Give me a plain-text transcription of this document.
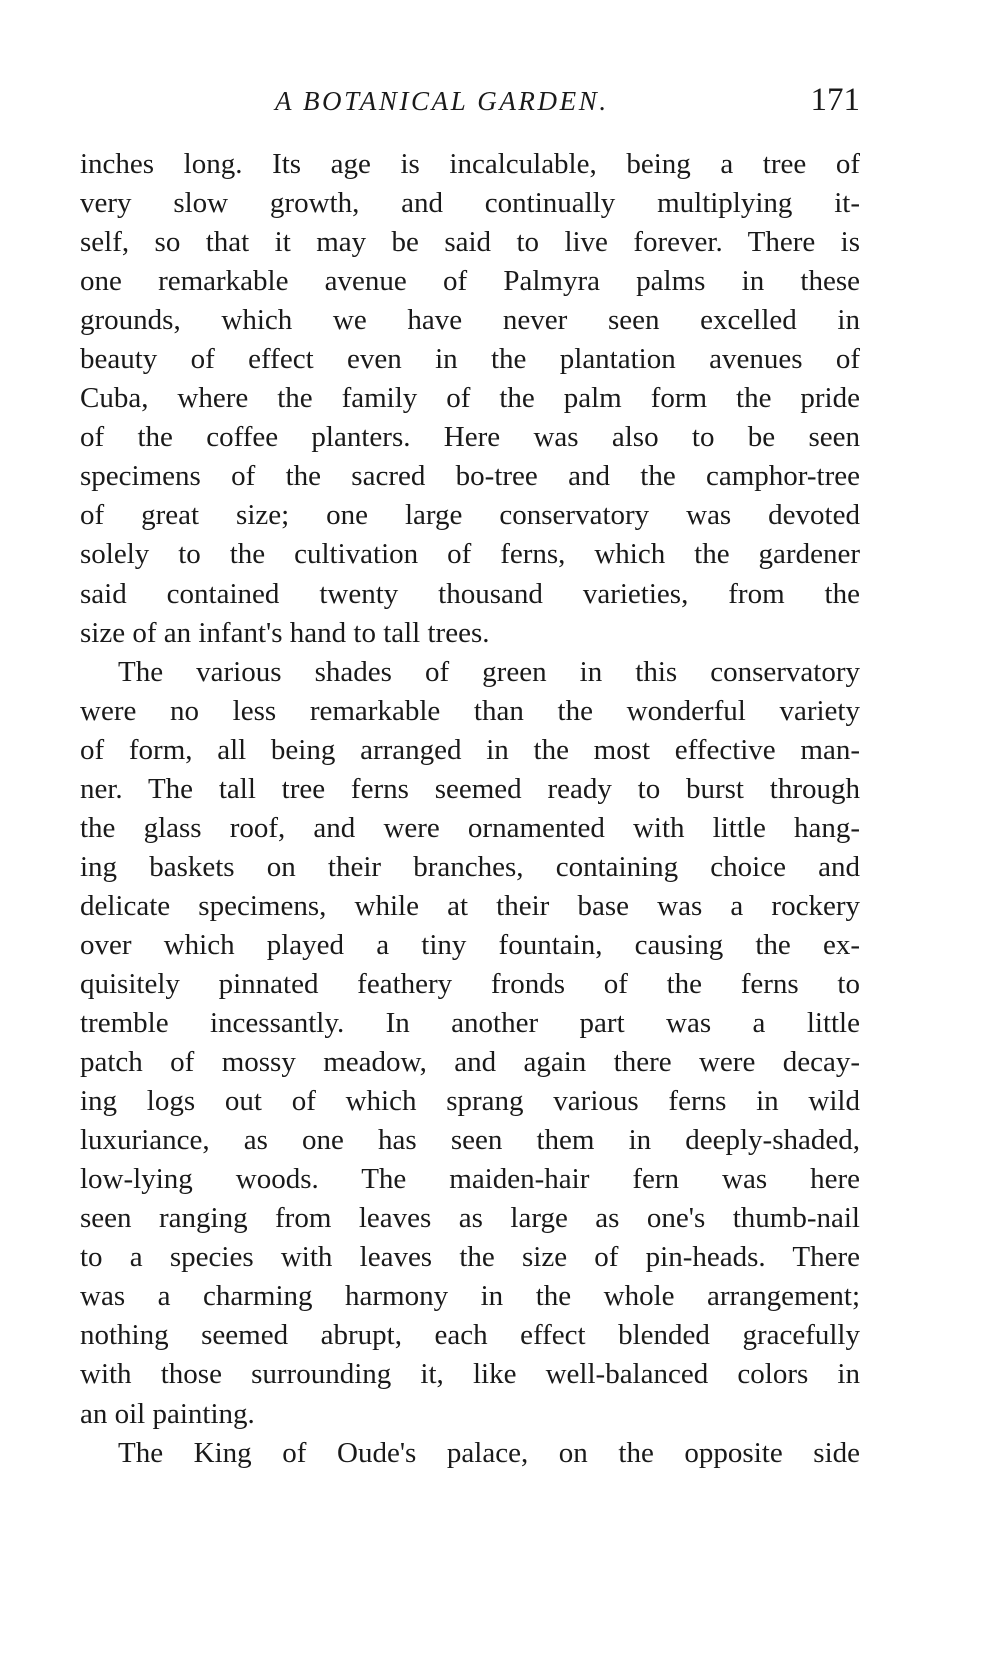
A BOTANICAL GARDEN.	171
inches long. Its age is incalculable, being a tree of
very slow growth, and continually multiplying it-
self, so that it may be said to live forever. There is
one remarkable avenue of Palmyra palms in these
grounds, which we have never seen excelled in
beauty of effect even in the plantation avenues of
Cuba, where the family of the palm form the pride
of the coffee planters. Here was also to be seen
specimens of the sacred bo-tree and the camphor-tree
of great size; one large conservatory was devoted
solely to the cultivation of ferns, which the gardener
said contained twenty thousand varieties, from the
size of an infant's hand to tall trees.
The various shades of green in this conservatory
were no less remarkable than the wonderful variety
of form, all being arranged in the most effective man-
ner. The tall tree ferns seemed ready to burst through
the glass roof, and were ornamented with little hang-
ing baskets on their branches, containing choice and
delicate specimens, while at their base was a rockery
over which played a tiny fountain, causing the ex-
quisitely pinnated feathery fronds of the ferns to
tremble incessantly. In another part was a little
patch of mossy meadow, and again there were decay-
ing logs out of which sprang various ferns in wild
luxuriance, as one has seen them in deeply-shaded,
low-lying woods. The maiden-hair fern was here
seen ranging from leaves as large as one's thumb-nail
to a species with leaves the size of pin-heads. There
was a charming harmony in the whole arrangement;
nothing seemed abrupt, each effect blended gracefully
with those surrounding it, like well-balanced colors in
an oil painting.
The King of Oude's palace, on the opposite side
